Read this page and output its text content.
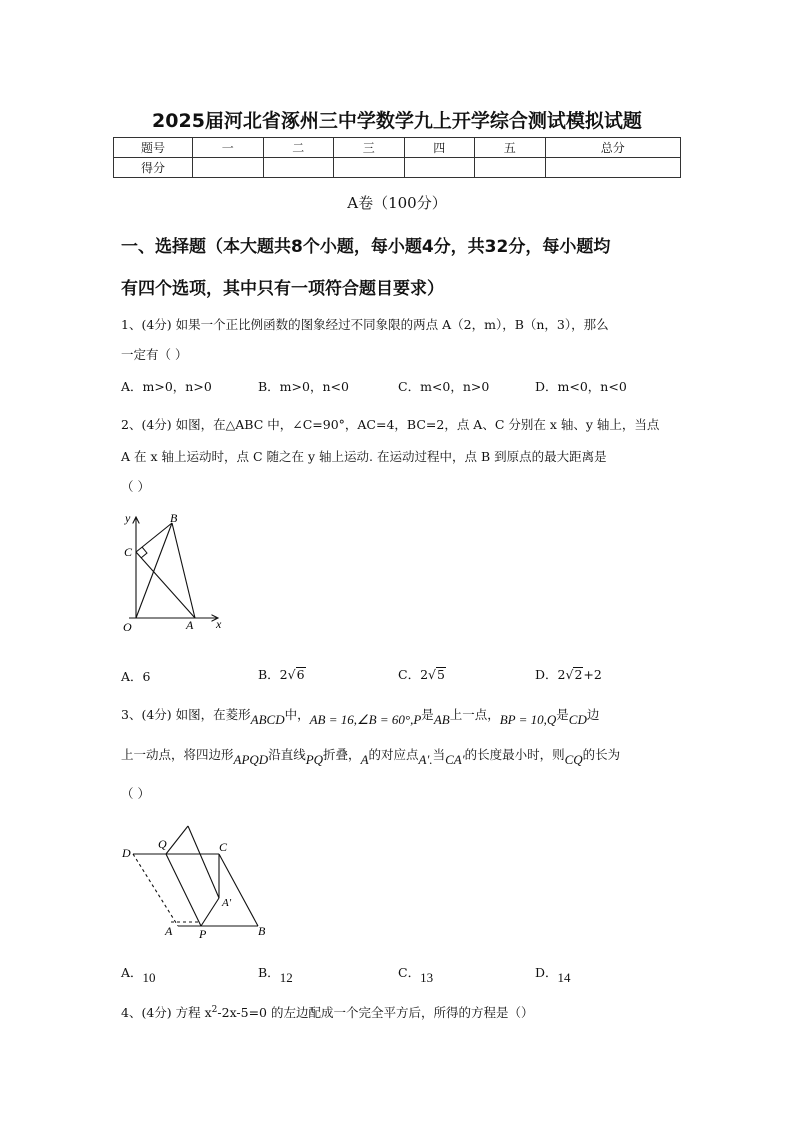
2025届河北省涿州三中学数学九上开学综合测试模拟试题
题号	一	二	三	四	五	总分
得分						
A卷（100分）
一、选择题（本大题共8个小题，每小题4分，共32分，每小题均
有四个选项，其中只有一项符合题目要求）
1、(4分) 如果一个正比例函数的图象经过不同象限的两点 A（2，m），B（n，3），那么
一定有（ ）
A．m>0，n>0	B．m>0，n<0	C．m<0，n>0	D．m<0，n<0
2、(4分) 如图，在△ABC 中，∠C=90°，AC=4，BC=2，点 A、C 分别在 x 轴、y 轴上，当点
A 在 x 轴上运动时，点 C 随之在 y 轴上运动. 在运动过程中，点 B 到原点的最大距离是
（ ）
y
x
B
C
O	A
A．6	B．2√6	C．2√5	D．2√2+2
3、(4分) 如图，在菱形ABCD中，AB = 16,∠B = 60°,P是AB上一点，BP = 10,Q是CD边
上一动点，将四边形APQD沿直线PQ折叠，A的对应点A′.当CA′的长度最小时，则CQ的长为
（ ）
D
Q	C
A′
A P	B
A．10	B．12	C．13	D．14
4、(4分) 方程 $x^2-2x-5=0$ 的左边配成一个完全平方后，所得的方程是（）
